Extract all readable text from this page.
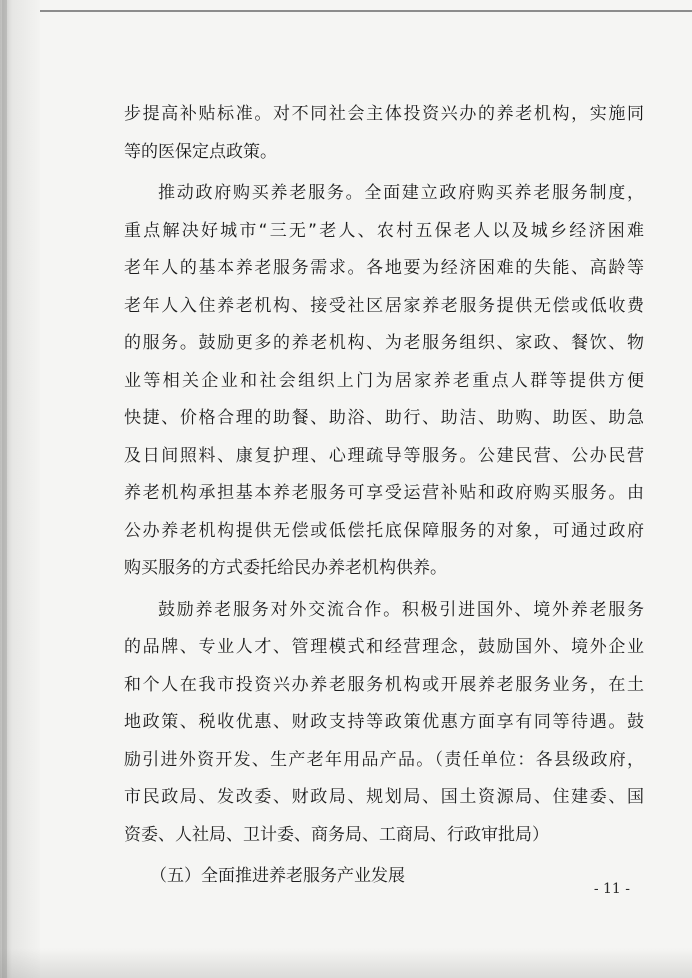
步提高补贴标准。对不同社会主体投资兴办的养老机构，实施同
等的医保定点政策。
推动政府购买养老服务。全面建立政府购买养老服务制度，
重点解决好城市“三无”老人、农村五保老人以及城乡经济困难
老年人的基本养老服务需求。各地要为经济困难的失能、高龄等
老年人入住养老机构、接受社区居家养老服务提供无偿或低收费
的服务。鼓励更多的养老机构、为老服务组织、家政、餐饮、物
业等相关企业和社会组织上门为居家养老重点人群等提供方便
快捷、价格合理的助餐、助浴、助行、助洁、助购、助医、助急
及日间照料、康复护理、心理疏导等服务。公建民营、公办民营
养老机构承担基本养老服务可享受运营补贴和政府购买服务。由
公办养老机构提供无偿或低偿托底保障服务的对象，可通过政府
购买服务的方式委托给民办养老机构供养。
鼓励养老服务对外交流合作。积极引进国外、境外养老服务
的品牌、专业人才、管理模式和经营理念，鼓励国外、境外企业
和个人在我市投资兴办养老服务机构或开展养老服务业务，在土
地政策、税收优惠、财政支持等政策优惠方面享有同等待遇。鼓
励引进外资开发、生产老年用品产品。（责任单位：各县级政府，
市民政局、发改委、财政局、规划局、国土资源局、住建委、国
资委、人社局、卫计委、商务局、工商局、行政审批局）
（五）全面推进养老服务产业发展
- 11 -
